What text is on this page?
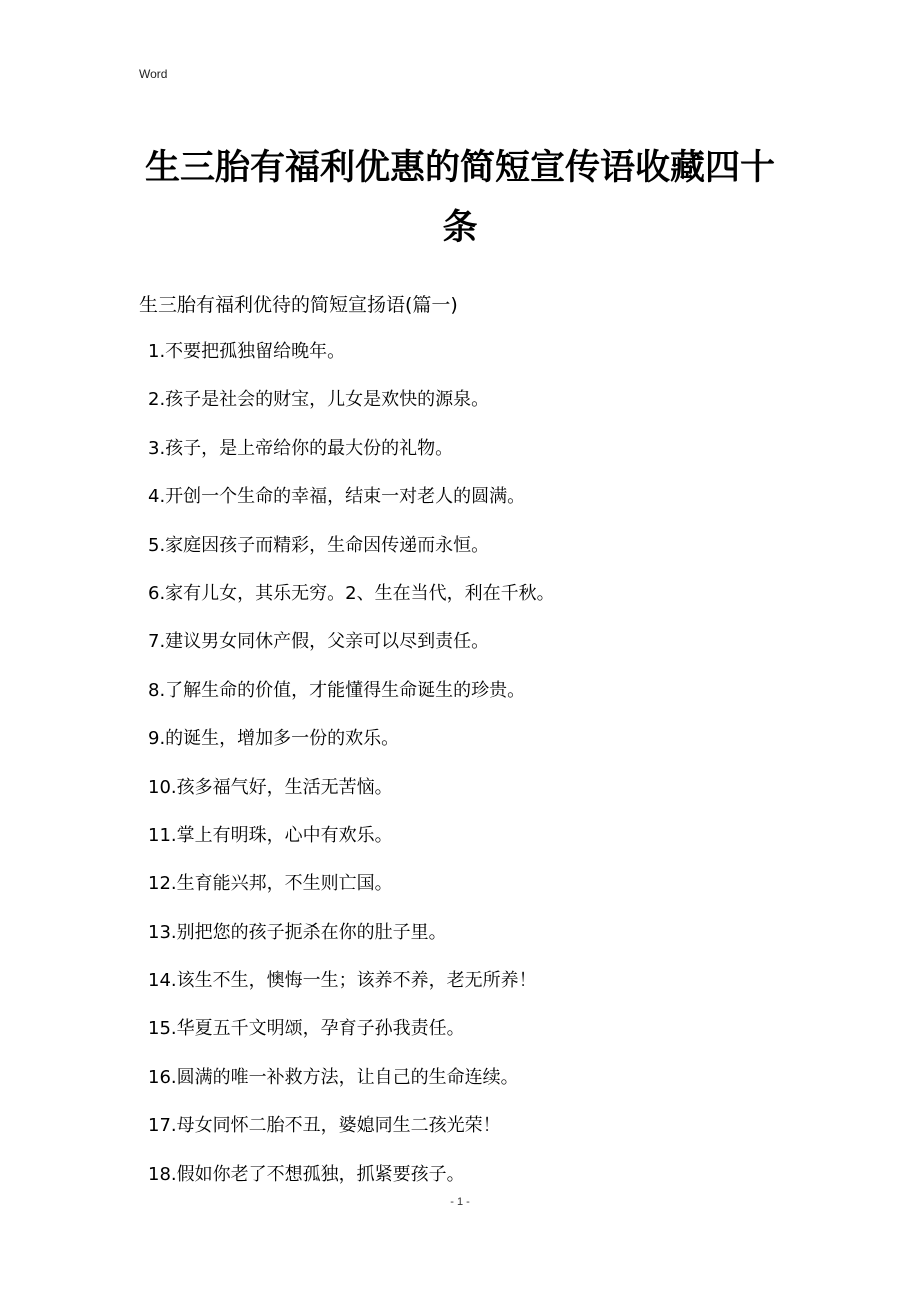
Word
生三胎有福利优惠的简短宣传语收藏四十条
生三胎有福利优待的简短宣扬语(篇一)
1.不要把孤独留给晚年。
2.孩子是社会的财宝，儿女是欢快的源泉。
3.孩子，是上帝给你的最大份的礼物。
4.开创一个生命的幸福，结束一对老人的圆满。
5.家庭因孩子而精彩，生命因传递而永恒。
6.家有儿女，其乐无穷。2、生在当代，利在千秋。
7.建议男女同休产假，父亲可以尽到责任。
8.了解生命的价值，才能懂得生命诞生的珍贵。
9.的诞生，增加多一份的欢乐。
10.孩多福气好，生活无苦恼。
11.掌上有明珠，心中有欢乐。
12.生育能兴邦，不生则亡国。
13.别把您的孩子扼杀在你的肚子里。
14.该生不生，懊悔一生；该养不养，老无所养！
15.华夏五千文明颂，孕育子孙我责任。
16.圆满的唯一补救方法，让自己的生命连续。
17.母女同怀二胎不丑，婆媳同生二孩光荣！
18.假如你老了不想孤独，抓紧要孩子。
- 1 -
